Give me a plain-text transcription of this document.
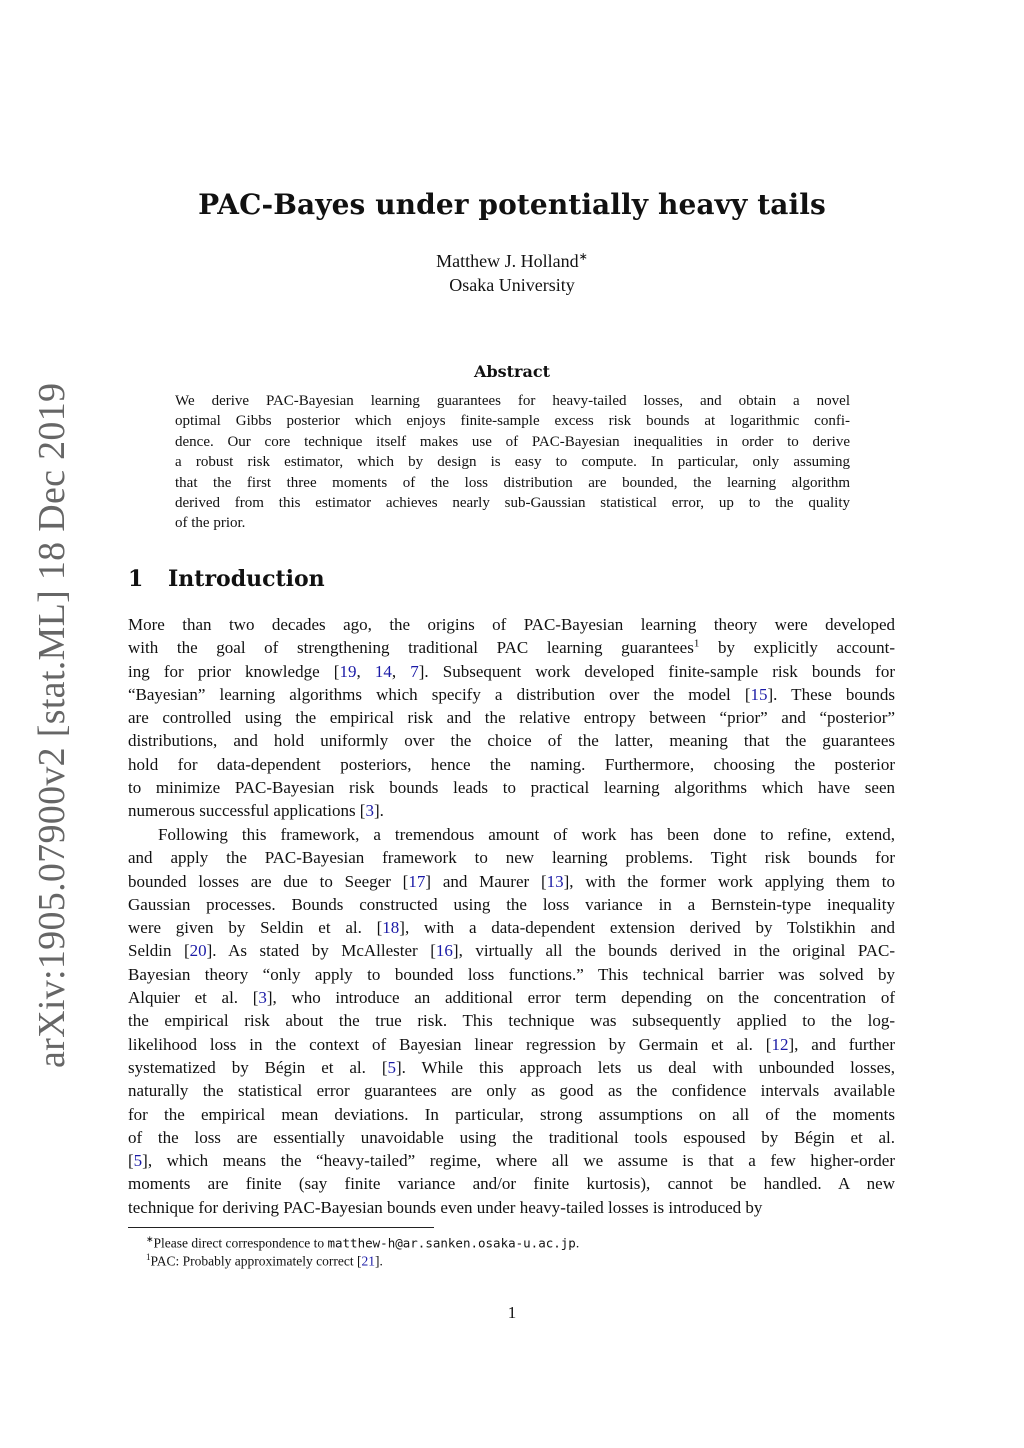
arXiv:1905.07900v2 [stat.ML] 18 Dec 2019
PAC-Bayes under potentially heavy tails
Matthew J. Holland∗
Osaka University
Abstract
We derive PAC-Bayesian learning guarantees for heavy-tailed losses, and obtain a novel
optimal Gibbs posterior which enjoys finite-sample excess risk bounds at logarithmic confi-
dence. Our core technique itself makes use of PAC-Bayesian inequalities in order to derive
a robust risk estimator, which by design is easy to compute. In particular, only assuming
that the first three moments of the loss distribution are bounded, the learning algorithm
derived from this estimator achieves nearly sub-Gaussian statistical error, up to the quality
of the prior.
1 Introduction
More than two decades ago, the origins of PAC-Bayesian learning theory were developed
with the goal of strengthening traditional PAC learning guarantees$^1$ by explicitly account-
ing for prior knowledge [19, 14, 7]. Subsequent work developed finite-sample risk bounds for
“Bayesian” learning algorithms which specify a distribution over the model [15]. These bounds
are controlled using the empirical risk and the relative entropy between “prior” and “posterior”
distributions, and hold uniformly over the choice of the latter, meaning that the guarantees
hold for data-dependent posteriors, hence the naming. Furthermore, choosing the posterior
to minimize PAC-Bayesian risk bounds leads to practical learning algorithms which have seen
numerous successful applications [3].
Following this framework, a tremendous amount of work has been done to refine, extend,
and apply the PAC-Bayesian framework to new learning problems. Tight risk bounds for
bounded losses are due to Seeger [17] and Maurer [13], with the former work applying them to
Gaussian processes. Bounds constructed using the loss variance in a Bernstein-type inequality
were given by Seldin et al. [18], with a data-dependent extension derived by Tolstikhin and
Seldin [20]. As stated by McAllester [16], virtually all the bounds derived in the original PAC-
Bayesian theory “only apply to bounded loss functions.” This technical barrier was solved by
Alquier et al. [3], who introduce an additional error term depending on the concentration of
the empirical risk about the true risk. This technique was subsequently applied to the log-
likelihood loss in the context of Bayesian linear regression by Germain et al. [12], and further
systematized by Bégin et al. [5]. While this approach lets us deal with unbounded losses,
naturally the statistical error guarantees are only as good as the confidence intervals available
for the empirical mean deviations. In particular, strong assumptions on all of the moments
of the loss are essentially unavoidable using the traditional tools espoused by Bégin et al.
[5], which means the “heavy-tailed” regime, where all we assume is that a few higher-order
moments are finite (say finite variance and/or finite kurtosis), cannot be handled. A new
technique for deriving PAC-Bayesian bounds even under heavy-tailed losses is introduced by
∗Please direct correspondence to matthew-h@ar.sanken.osaka-u.ac.jp.
$^1$PAC: Probably approximately correct [21].
1
